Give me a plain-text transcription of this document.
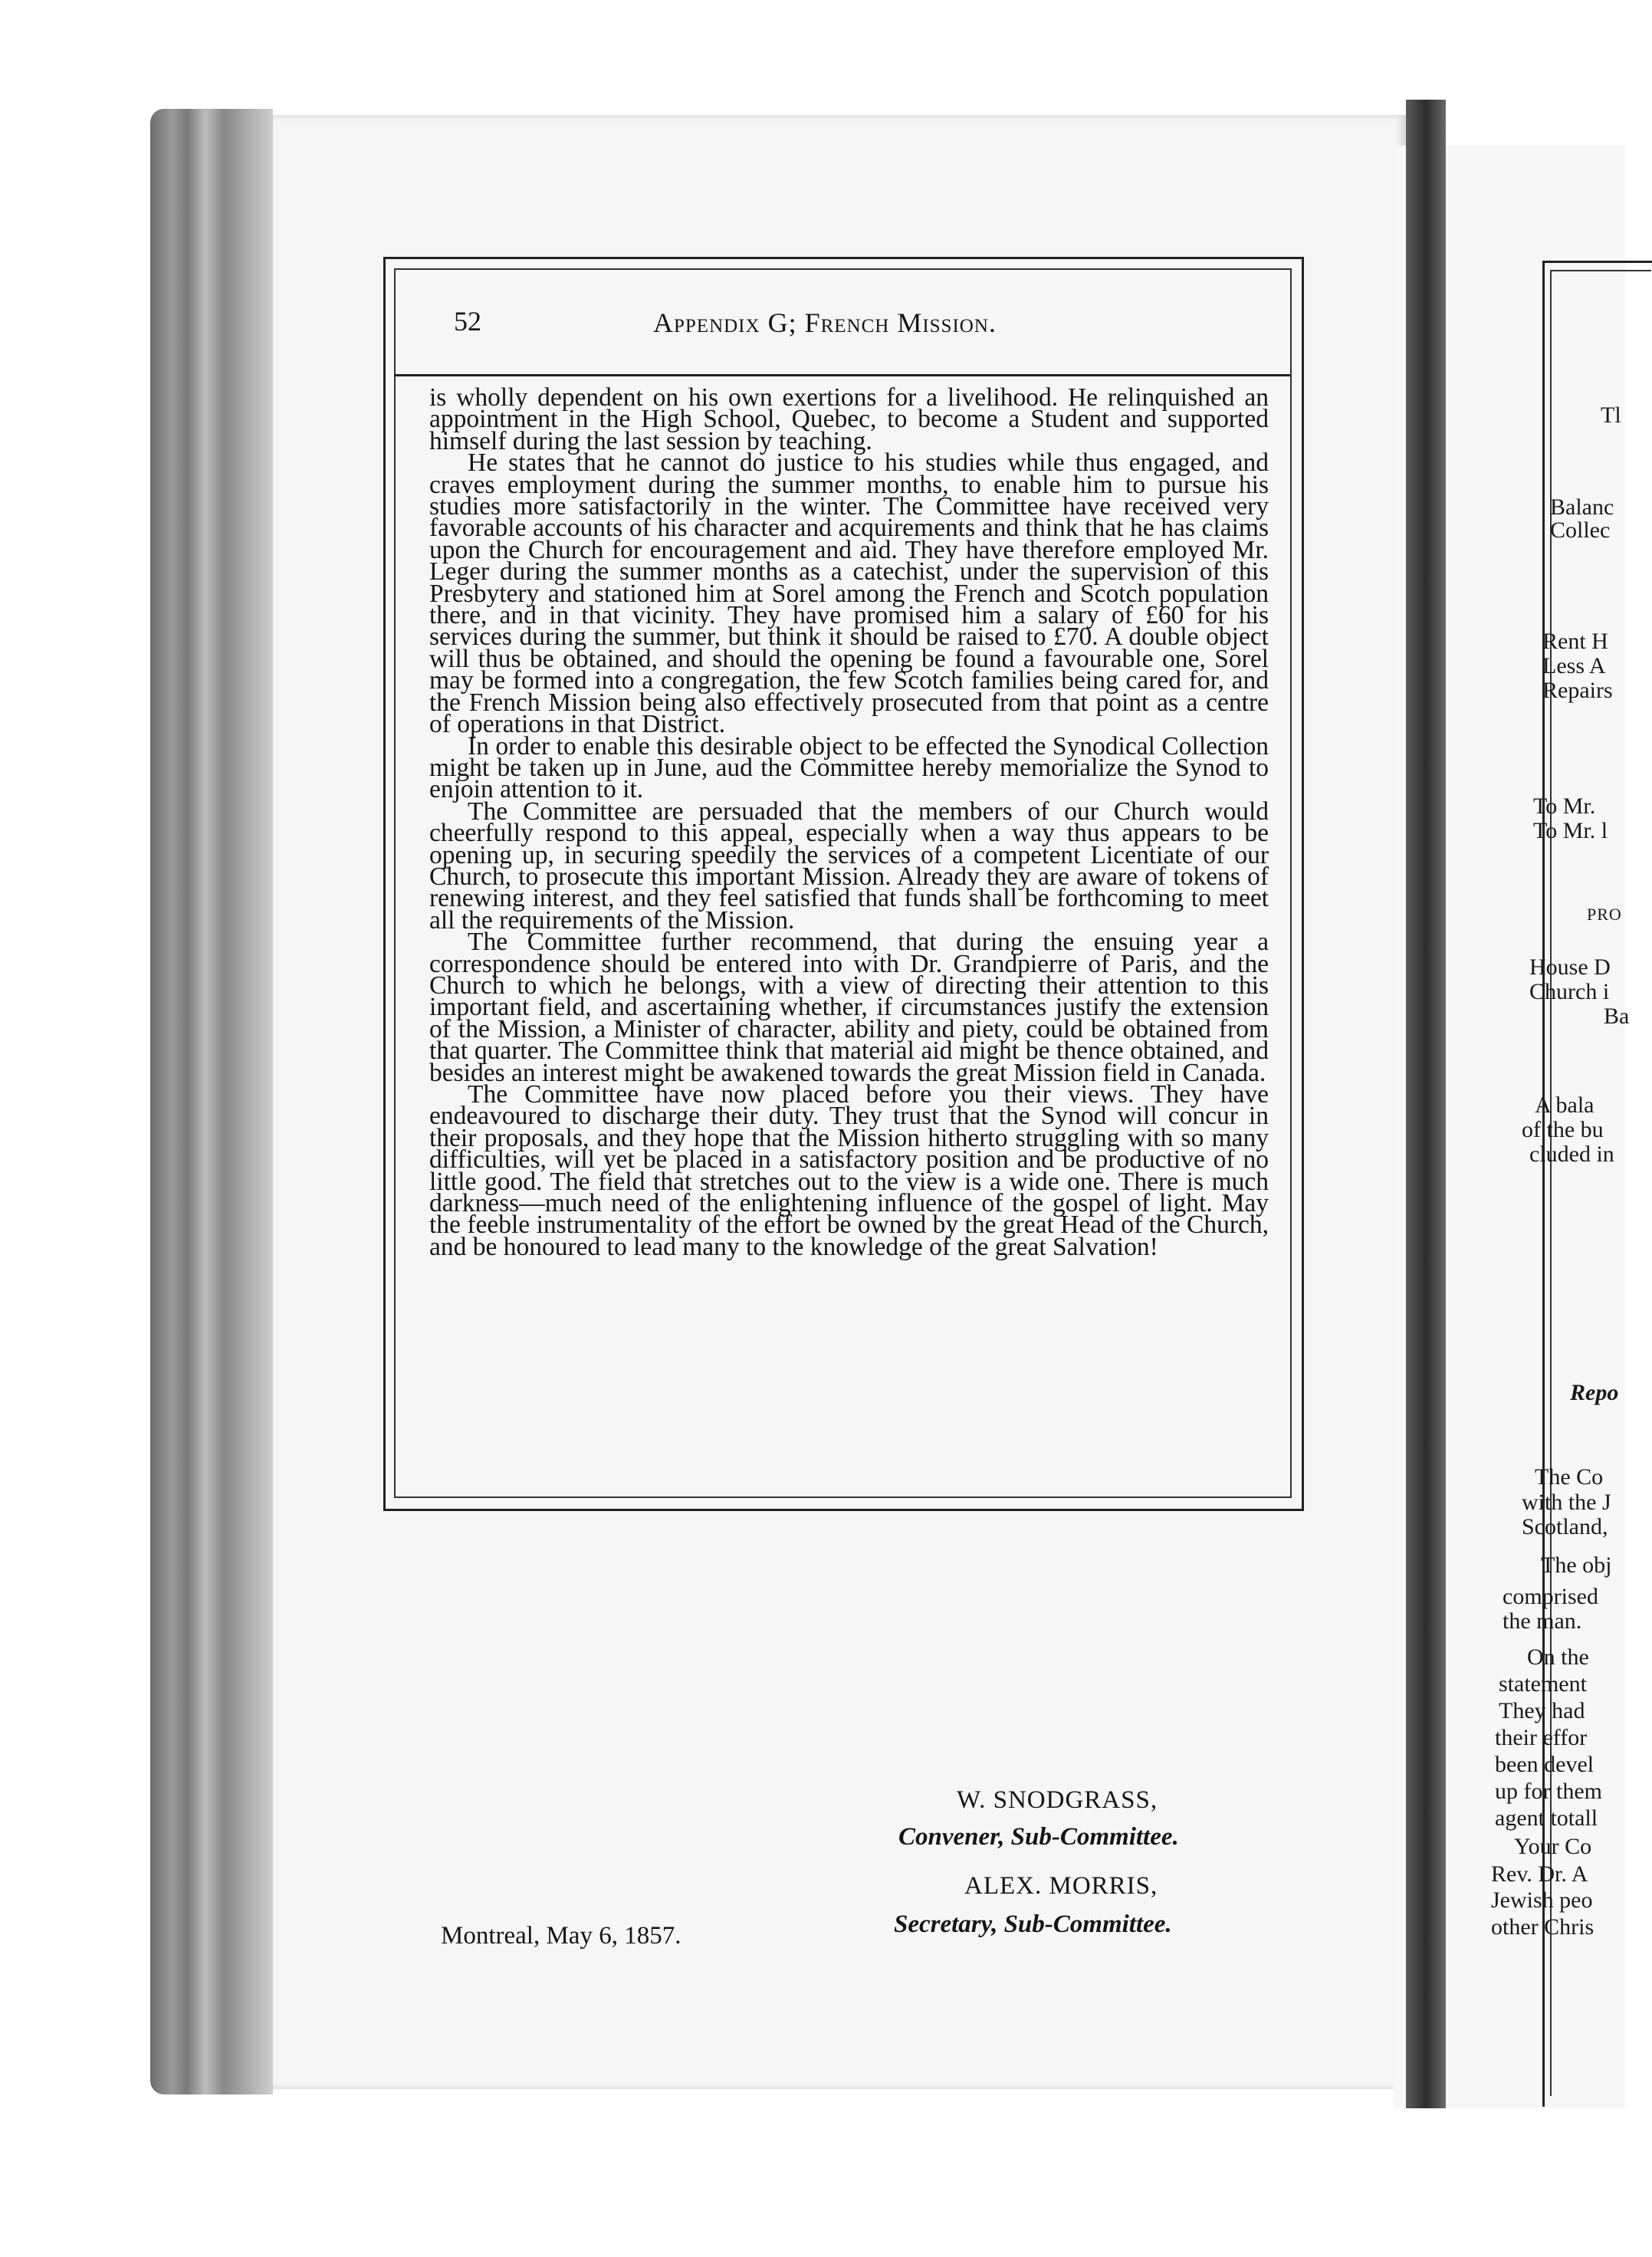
52	Appendix G; French Mission.

is wholly dependent on his own exertions for a livelihood. He relinquished an appointment in the High School, Quebec, to become a Student and supported himself during the last session by teaching.

He states that he cannot do justice to his studies while thus engaged, and craves employment during the summer months, to enable him to pursue his studies more satisfactorily in the winter. The Committee have received very favorable accounts of his character and acquirements and think that he has claims upon the Church for encouragement and aid. They have therefore employed Mr. Leger during the summer months as a catechist, under the supervision of this Presbytery and stationed him at Sorel among the French and Scotch population there, and in that vicinity. They have promised him a salary of £60 for his services during the summer, but think it should be raised to £70. A double object will thus be obtained, and should the opening be found a favourable one, Sorel may be formed into a congregation, the few Scotch families being cared for, and the French Mission being also effectively prosecuted from that point as a centre of operations in that District.

In order to enable this desirable object to be effected the Synodical Collection might be taken up in June, aud the Committee hereby memorialize the Synod to enjoin attention to it.

The Committee are persuaded that the members of our Church would cheerfully respond to this appeal, especially when a way thus appears to be opening up, in securing speedily the services of a competent Licentiate of our Church, to prosecute this important Mission. Already they are aware of tokens of renewing interest, and they feel satisfied that funds shall be forthcoming to meet all the requirements of the Mission.

The Committee further recommend, that during the ensuing year a correspondence should be entered into with Dr. Grandpierre of Paris, and the Church to which he belongs, with a view of directing their attention to this important field, and ascertaining whether, if circumstances justify the extension of the Mission, a Minister of character, ability and piety, could be obtained from that quarter. The Committee think that material aid might be thence obtained, and besides an interest might be awakened towards the great Mission field in Canada.

The Committee have now placed before you their views. They have endeavoured to discharge their duty. They trust that the Synod will concur in their proposals, and they hope that the Mission hitherto struggling with so many difficulties, will yet be placed in a satisfactory position and be productive of no little good. The field that stretches out to the view is a wide one. There is much darkness—much need of the enlightening influence of the gospel of light. May the feeble instrumentality of the effort be owned by the great Head of the Church, and be honoured to lead many to the knowledge of the great Salvation!

W. SNODGRASS,
Convener, Sub-Committee.
ALEX. MORRIS,
Secretary, Sub-Committee.
Montreal, May 6, 1857.
Tl
Balanc
Collec
Rent H
Less A
Repairs
To Mr.
To Mr. l
PRO
House D
Church i
Ba
A bala
of the bu
cluded in
Repo
The Co
with the J
Scotland,
The obj
comprised
the man.
On the
statement
They had
their effor
been devel
up for them
agent totall
Your Co
Rev. Dr. A
Jewish peo
other Chris
